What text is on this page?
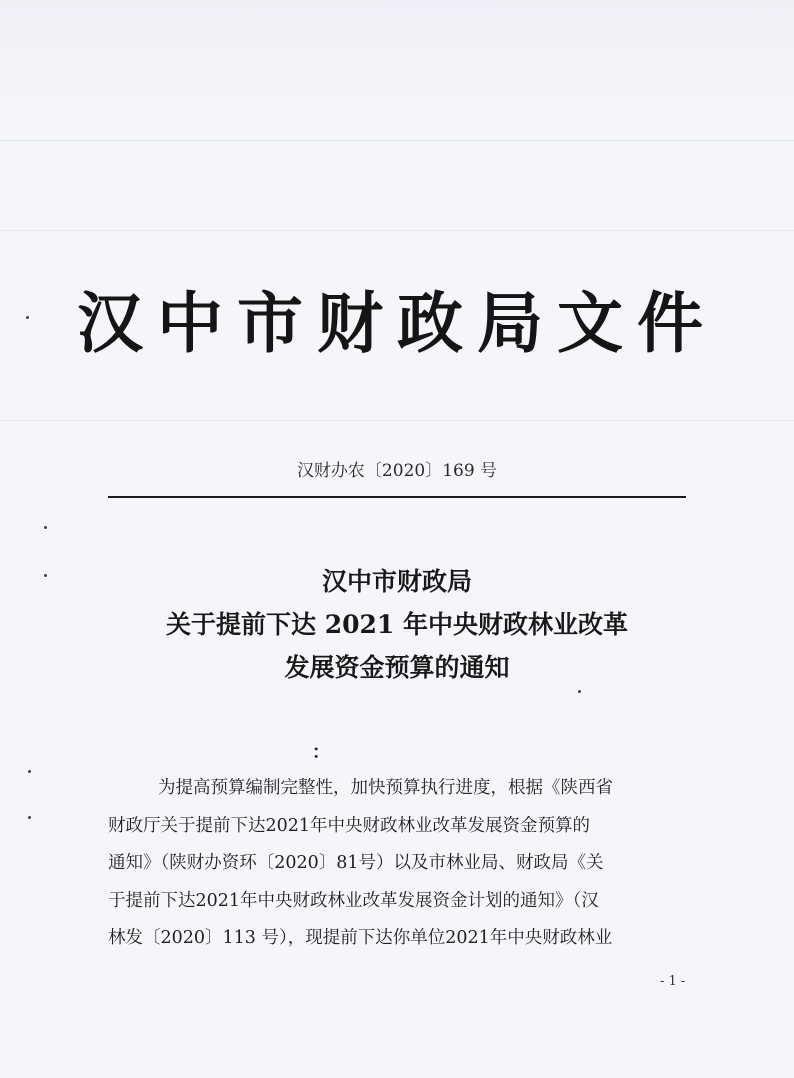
汉中市财政局文件
汉财办农〔2020〕169 号
汉中市财政局
关于提前下达 2021 年中央财政林业改革
发展资金预算的通知
：
为提高预算编制完整性，加快预算执行进度，根据《陕西省
财政厅关于提前下达2021年中央财政林业改革发展资金预算的
通知》（陕财办资环〔2020〕81号）以及市林业局、财政局《关
于提前下达2021年中央财政林业改革发展资金计划的通知》（汉
林发〔2020〕113 号），现提前下达你单位2021年中央财政林业
- 1 -
